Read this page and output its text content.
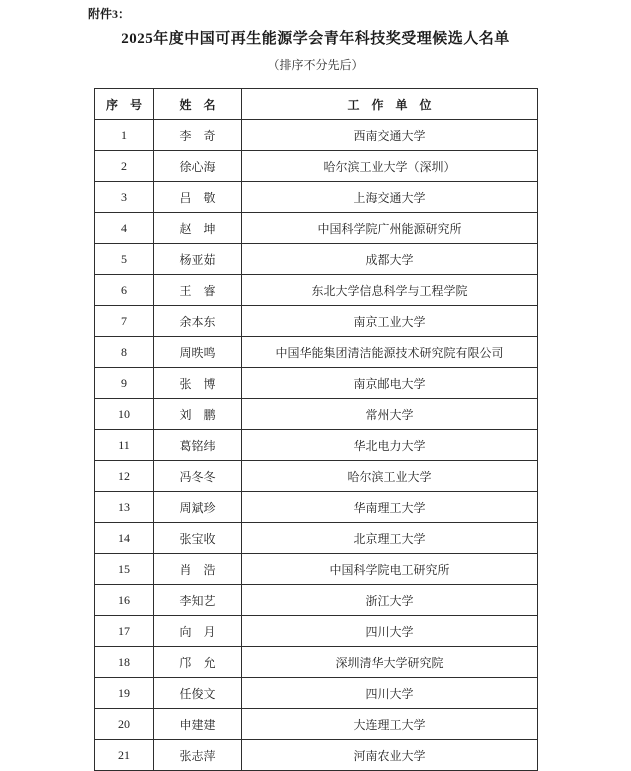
附件3：
2025年度中国可再生能源学会青年科技奖受理候选人名单
（排序不分先后）
序　号	姓　名	工　作　单　位
1	李　奇	西南交通大学
2	徐心海	哈尔滨工业大学（深圳）
3	吕　敬	上海交通大学
4	赵　坤	中国科学院广州能源研究所
5	杨亚茹	成都大学
6	王　睿	东北大学信息科学与工程学院
7	余本东	南京工业大学
8	周昳鸣	中国华能集团清洁能源技术研究院有限公司
9	张　博	南京邮电大学
10	刘　鹏	常州大学
11	葛铭纬	华北电力大学
12	冯冬冬	哈尔滨工业大学
13	周斌珍	华南理工大学
14	张宝收	北京理工大学
15	肖　浩	中国科学院电工研究所
16	李知艺	浙江大学
17	向　月	四川大学
18	邝　允	深圳清华大学研究院
19	任俊文	四川大学
20	申建建	大连理工大学
21	张志萍	河南农业大学
